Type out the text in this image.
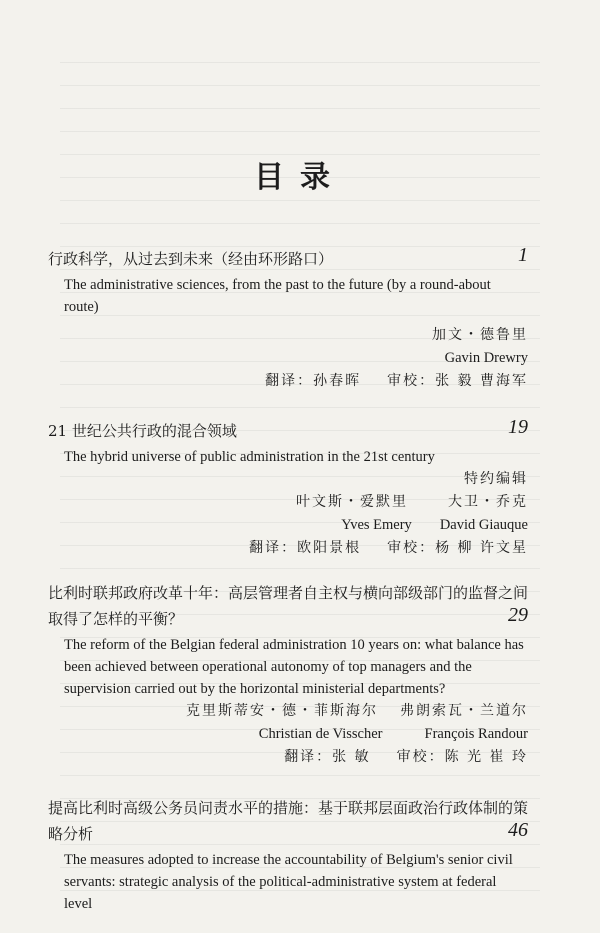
目录
行政科学，从过去到未来（经由环形路口）	1
The administrative sciences, from the past to the future (by a round-about route)
加文・德鲁里
Gavin Drewry
翻译：孙春晖 审校：张 毅 曹海军
21 世纪公共行政的混合领域	19
The hybrid universe of public administration in the 21st century
特约编辑
叶文斯・爱默里	大卫・乔克
Yves Emery David Giauque
翻译：欧阳景根 审校：杨 柳 许文星
比利时联邦政府改革十年：高层管理者自主权与横向部级部门的监督之间
取得了怎样的平衡？	29
The reform of the Belgian federal administration 10 years on: what balance has been achieved between operational autonomy of top managers and the supervision carried out by the horizontal ministerial departments?
克里斯蒂安・德・菲斯海尔 弗朗索瓦・兰道尔
Christian de Visscher	François Randour
翻译：张 敏 审校：陈 光 崔 玲
提高比利时高级公务员问责水平的措施：基于联邦层面政治行政体制的策
略分析	46
The measures adopted to increase the accountability of Belgium's senior civil servants: strategic analysis of the political-administrative system at federal level
